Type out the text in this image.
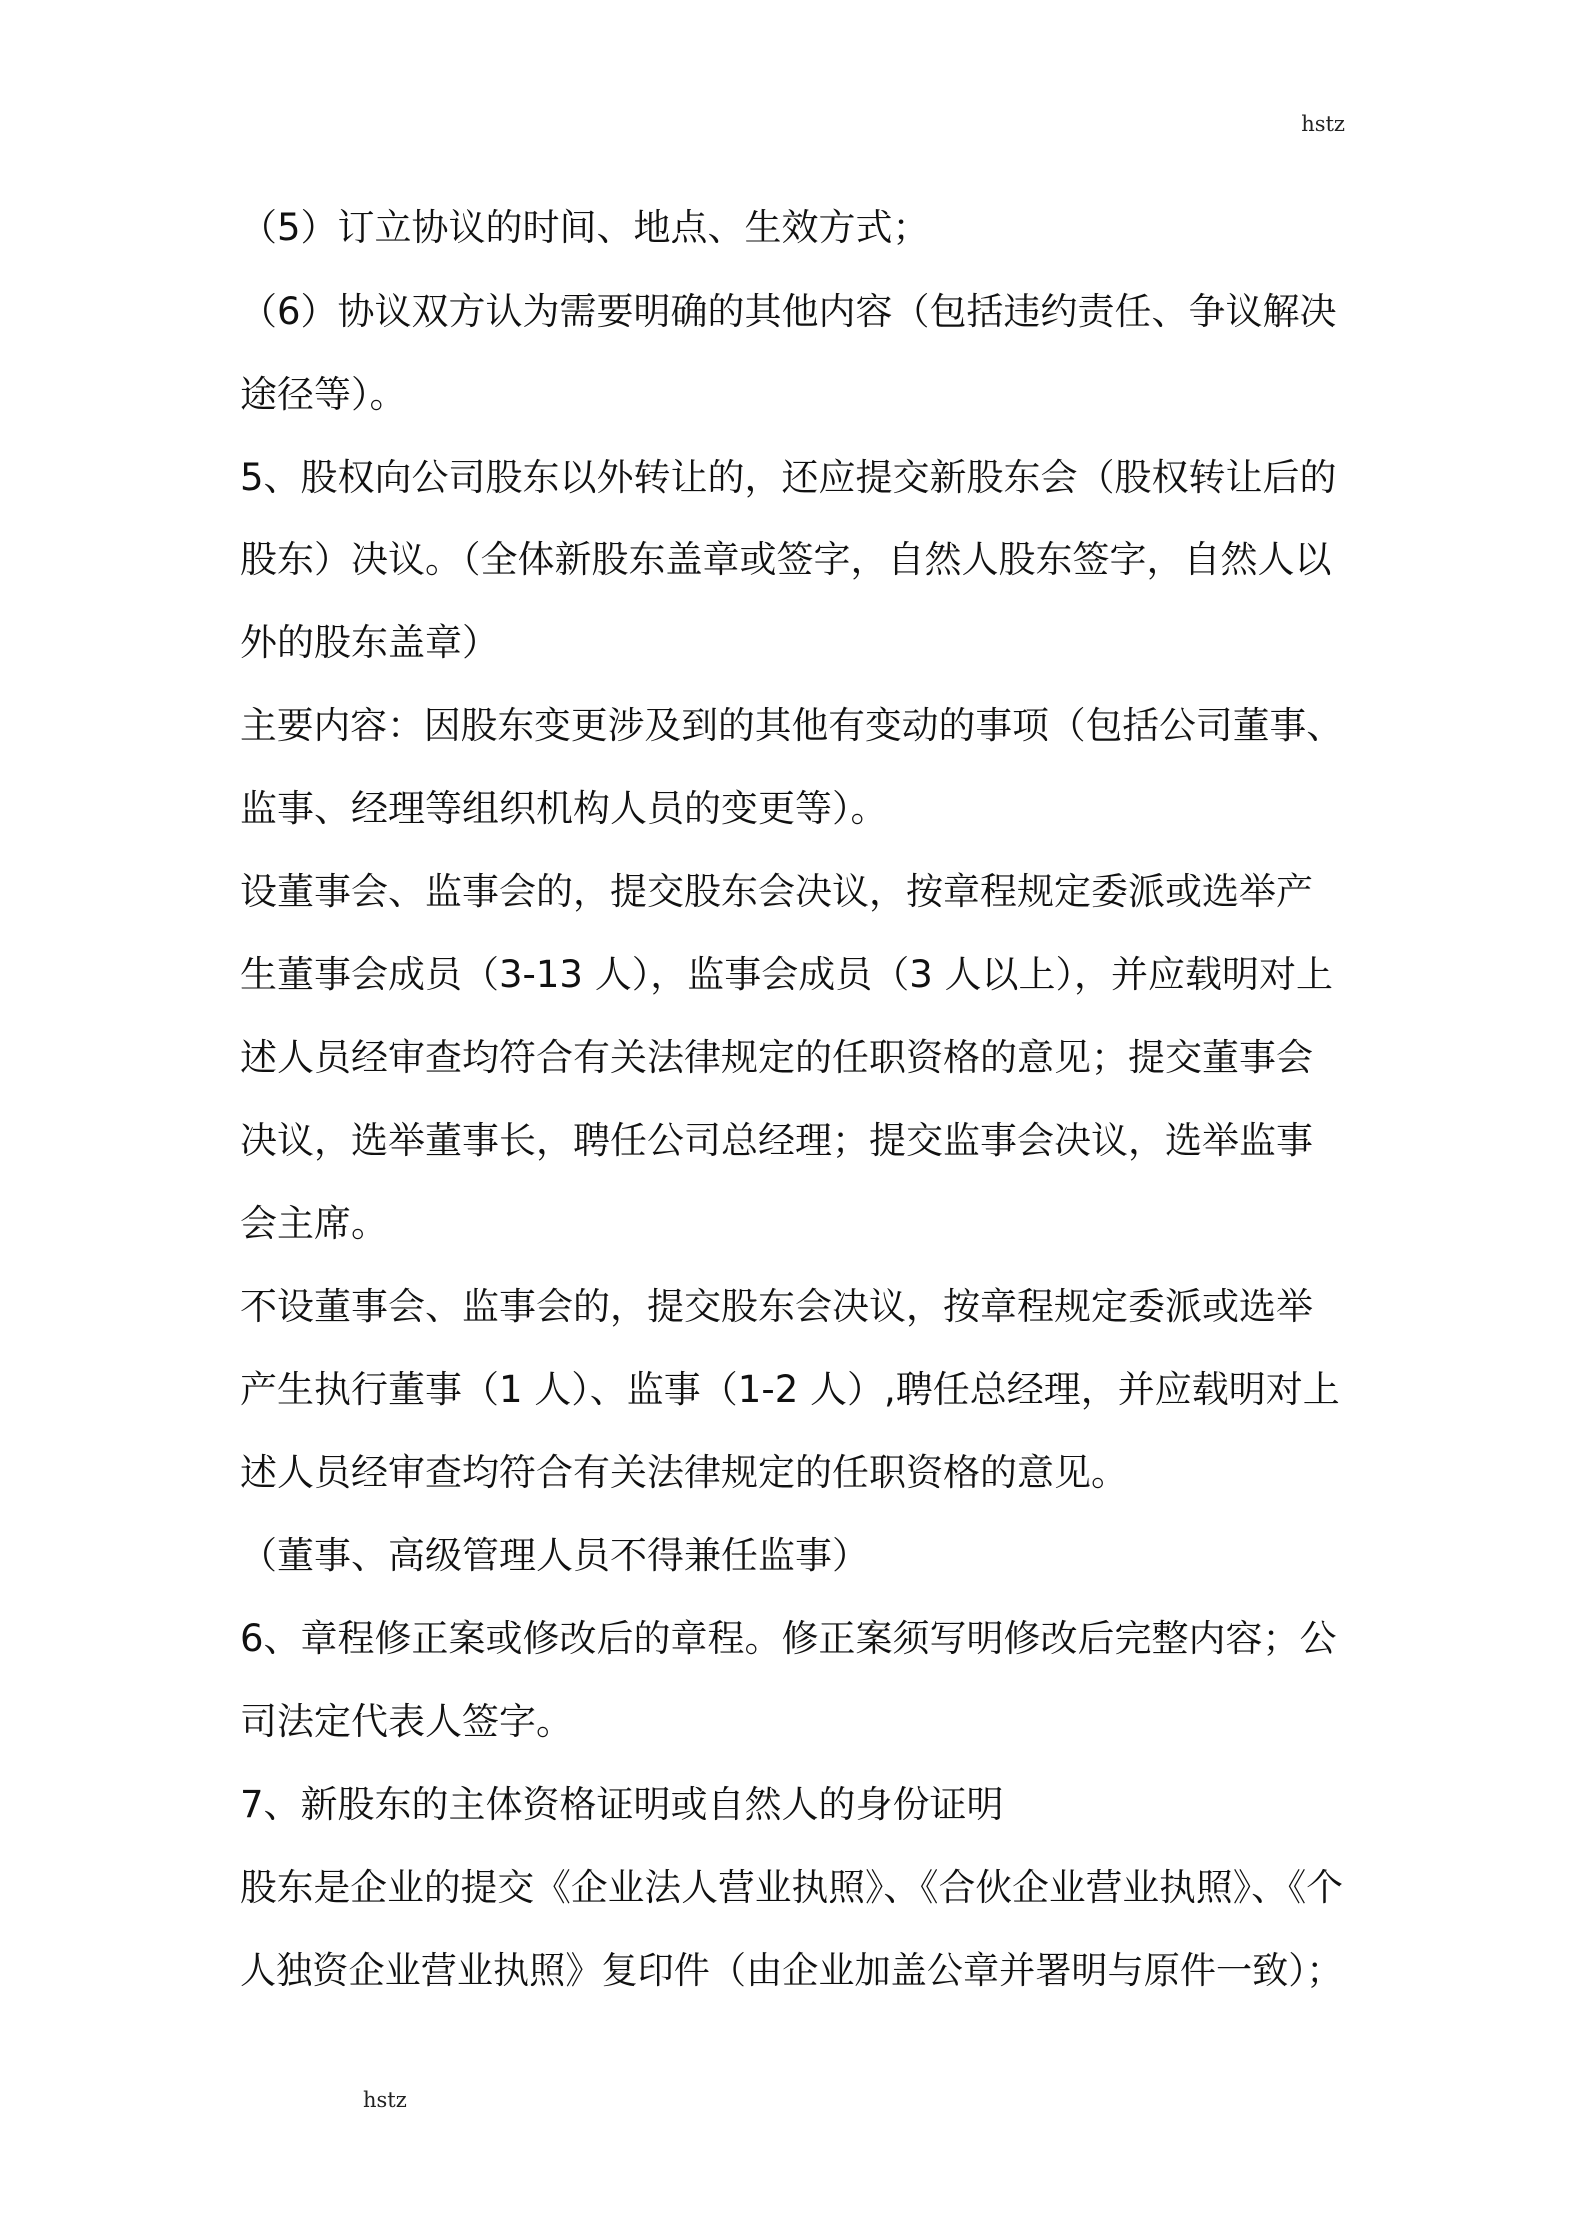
hstz
（5）订立协议的时间、地点、生效方式；
（6）协议双方认为需要明确的其他内容（包括违约责任、争议解决
途径等）。
5、股权向公司股东以外转让的，还应提交新股东会（股权转让后的
股东）决议。（全体新股东盖章或签字，自然人股东签字，自然人以
外的股东盖章）
主要内容：因股东变更涉及到的其他有变动的事项（包括公司董事、
监事、经理等组织机构人员的变更等）。
设董事会、监事会的，提交股东会决议，按章程规定委派或选举产
生董事会成员（3-13 人），监事会成员（3 人以上），并应载明对上
述人员经审查均符合有关法律规定的任职资格的意见；提交董事会
决议，选举董事长，聘任公司总经理；提交监事会决议，选举监事
会主席。
不设董事会、监事会的，提交股东会决议，按章程规定委派或选举
产生执行董事（1 人）、监事（1-2 人）,聘任总经理，并应载明对上
述人员经审查均符合有关法律规定的任职资格的意见。
（董事、高级管理人员不得兼任监事）
6、章程修正案或修改后的章程。修正案须写明修改后完整内容；公
司法定代表人签字。
7、新股东的主体资格证明或自然人的身份证明
股东是企业的提交《企业法人营业执照》、《合伙企业营业执照》、《个
人独资企业营业执照》复印件（由企业加盖公章并署明与原件一致）；
hstz
